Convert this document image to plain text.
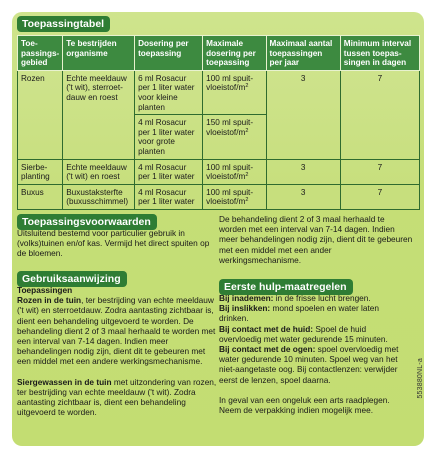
Toepassingtabel
Toe-passings-gebied	Te bestrijden organisme	Dosering per toepassing	Maximale dosering per toepassing	Maximaal aantal toepassingen per jaar	Minimum interval tussen toepas-singen in dagen
Rozen	Echte meeldauw ('t wit), sterroet-dauw en roest	6 ml Rosacur per 1 liter water voor kleine planten	100 ml spuit-$vloeistof/m^2$	3	7
		4 ml Rosacur per 1 liter water voor grote planten	150 ml spuit-$vloeistof/m^2$
Sierbe-planting	Echte meeldauw ('t wit) en roest	4 ml Rosacur per 1 liter water	100 ml spuit-$vloeistof/m^2$	3	7
Buxus	Buxustaksterfte (buxusschimmel)	4 ml Rosacur per 1 liter water	100 ml spuit-$vloeistof/m^2$	3	7
Toepassingsvoorwaarden
Uitsluitend bestemd voor particulier gebruik in (volks)tuinen en/of kas. Vermijd het direct spuiten op de bloemen.
Gebruiksaanwijzing
Toepassingen
Rozen in de tuin, ter bestrijding van echte meeldauw ('t wit) en sterroetdauw. Zodra aantasting zichtbaar is, dient een behandeling uitgevoerd te worden. De behandeling dient 2 of 3 maal herhaald te worden met een interval van 7-14 dagen. Indien meer behandelingen nodig zijn, dient dit te gebeuren met een middel met een andere werkingsmechanisme.
Siergewassen in de tuin met uitzondering van rozen, ter bestrijding van echte meeldauw ('t wit). Zodra aantasting zichtbaar is, dient een behandeling uitgevoerd te worden.
De behandeling dient 2 of 3 maal herhaald te worden met een interval van 7-14 dagen. Indien meer behandelingen nodig zijn, dient dit te gebeuren met een middel met een ander werkingsmechanisme.
Eerste hulp-maatregelen
Bij inademen: in de frisse lucht brengen.
Bij inslikken: mond spoelen en water laten drinken.
Bij contact met de huid: Spoel de huid overvloedig met water gedurende 15 minuten.
Bij contact met de ogen: spoel overvloedig met water gedurende 10 minuten. Spoel weg van het niet-aangetaste oog. Bij contactlenzen: verwijder eerst de lenzen, spoel daarna.
In geval van een ongeluk een arts raadplegen. Neem de verpakking indien mogelijk mee.
553880NL-a
